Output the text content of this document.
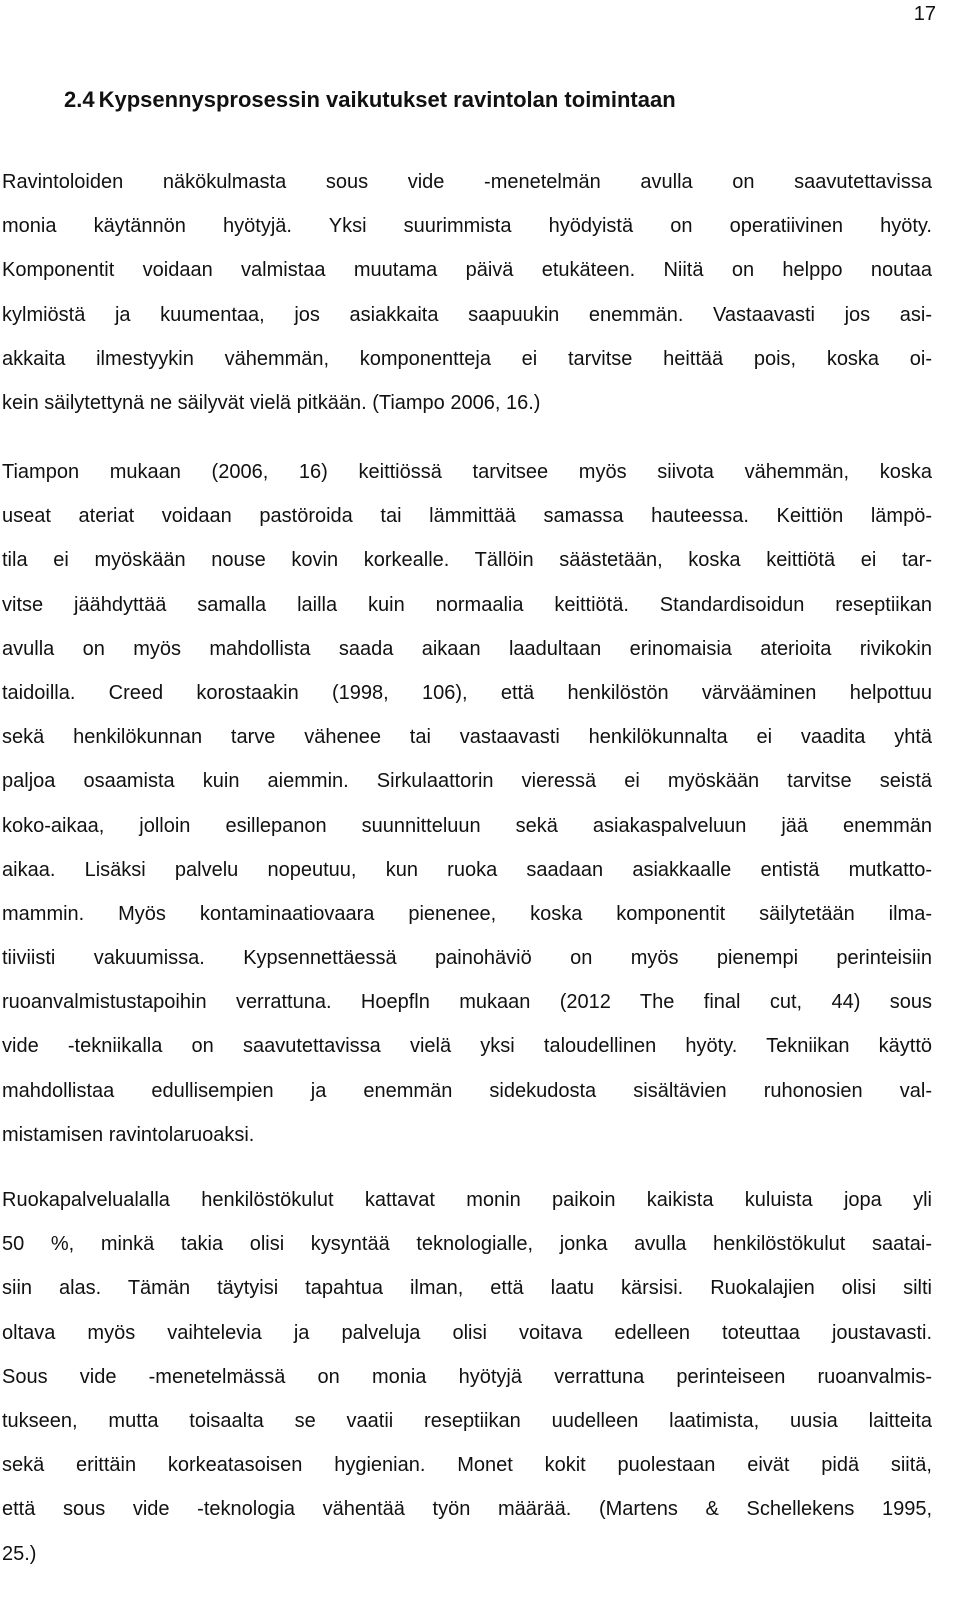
17
2.4 Kypsennysprosessin vaikutukset ravintolan toimintaan
Ravintoloiden näkökulmasta sous vide -menetelmän avulla on saavutettavissa
monia käytännön hyötyjä. Yksi suurimmista hyödyistä on operatiivinen hyöty.
Komponentit voidaan valmistaa muutama päivä etukäteen. Niitä on helppo noutaa
kylmiöstä ja kuumentaa, jos asiakkaita saapuukin enemmän. Vastaavasti jos asi-
akkaita ilmestyykin vähemmän, komponentteja ei tarvitse heittää pois, koska oi-
kein säilytettynä ne säilyvät vielä pitkään. (Tiampo 2006, 16.)
Tiampon mukaan (2006, 16) keittiössä tarvitsee myös siivota vähemmän, koska
useat ateriat voidaan pastöroida tai lämmittää samassa hauteessa. Keittiön lämpö-
tila ei myöskään nouse kovin korkealle. Tällöin säästetään, koska keittiötä ei tar-
vitse jäähdyttää samalla lailla kuin normaalia keittiötä. Standardisoidun reseptiikan
avulla on myös mahdollista saada aikaan laadultaan erinomaisia aterioita rivikokin
taidoilla. Creed korostaakin (1998, 106), että henkilöstön värvääminen helpottuu
sekä henkilökunnan tarve vähenee tai vastaavasti henkilökunnalta ei vaadita yhtä
paljoa osaamista kuin aiemmin. Sirkulaattorin vieressä ei myöskään tarvitse seistä
koko-aikaa, jolloin esillepanon suunnitteluun sekä asiakaspalveluun jää enemmän
aikaa. Lisäksi palvelu nopeutuu, kun ruoka saadaan asiakkaalle entistä mutkatto-
mammin. Myös kontaminaatiovaara pienenee, koska komponentit säilytetään ilma-
tiiviisti vakuumissa. Kypsennettäessä painohäviö on myös pienempi perinteisiin
ruoanvalmistustapoihin verrattuna. Hoepfln mukaan (2012 The final cut, 44) sous
vide -tekniikalla on saavutettavissa vielä yksi taloudellinen hyöty. Tekniikan käyttö
mahdollistaa edullisempien ja enemmän sidekudosta sisältävien ruhonosien val-
mistamisen ravintolaruoaksi.
Ruokapalvelualalla henkilöstökulut kattavat monin paikoin kaikista kuluista jopa yli
50 %, minkä takia olisi kysyntää teknologialle, jonka avulla henkilöstökulut saatai-
siin alas. Tämän täytyisi tapahtua ilman, että laatu kärsisi. Ruokalajien olisi silti
oltava myös vaihtelevia ja palveluja olisi voitava edelleen toteuttaa joustavasti.
Sous vide -menetelmässä on monia hyötyjä verrattuna perinteiseen ruoanvalmis-
tukseen, mutta toisaalta se vaatii reseptiikan uudelleen laatimista, uusia laitteita
sekä erittäin korkeatasoisen hygienian. Monet kokit puolestaan eivät pidä siitä,
että sous vide -teknologia vähentää työn määrää. (Martens & Schellekens 1995,
25.)
